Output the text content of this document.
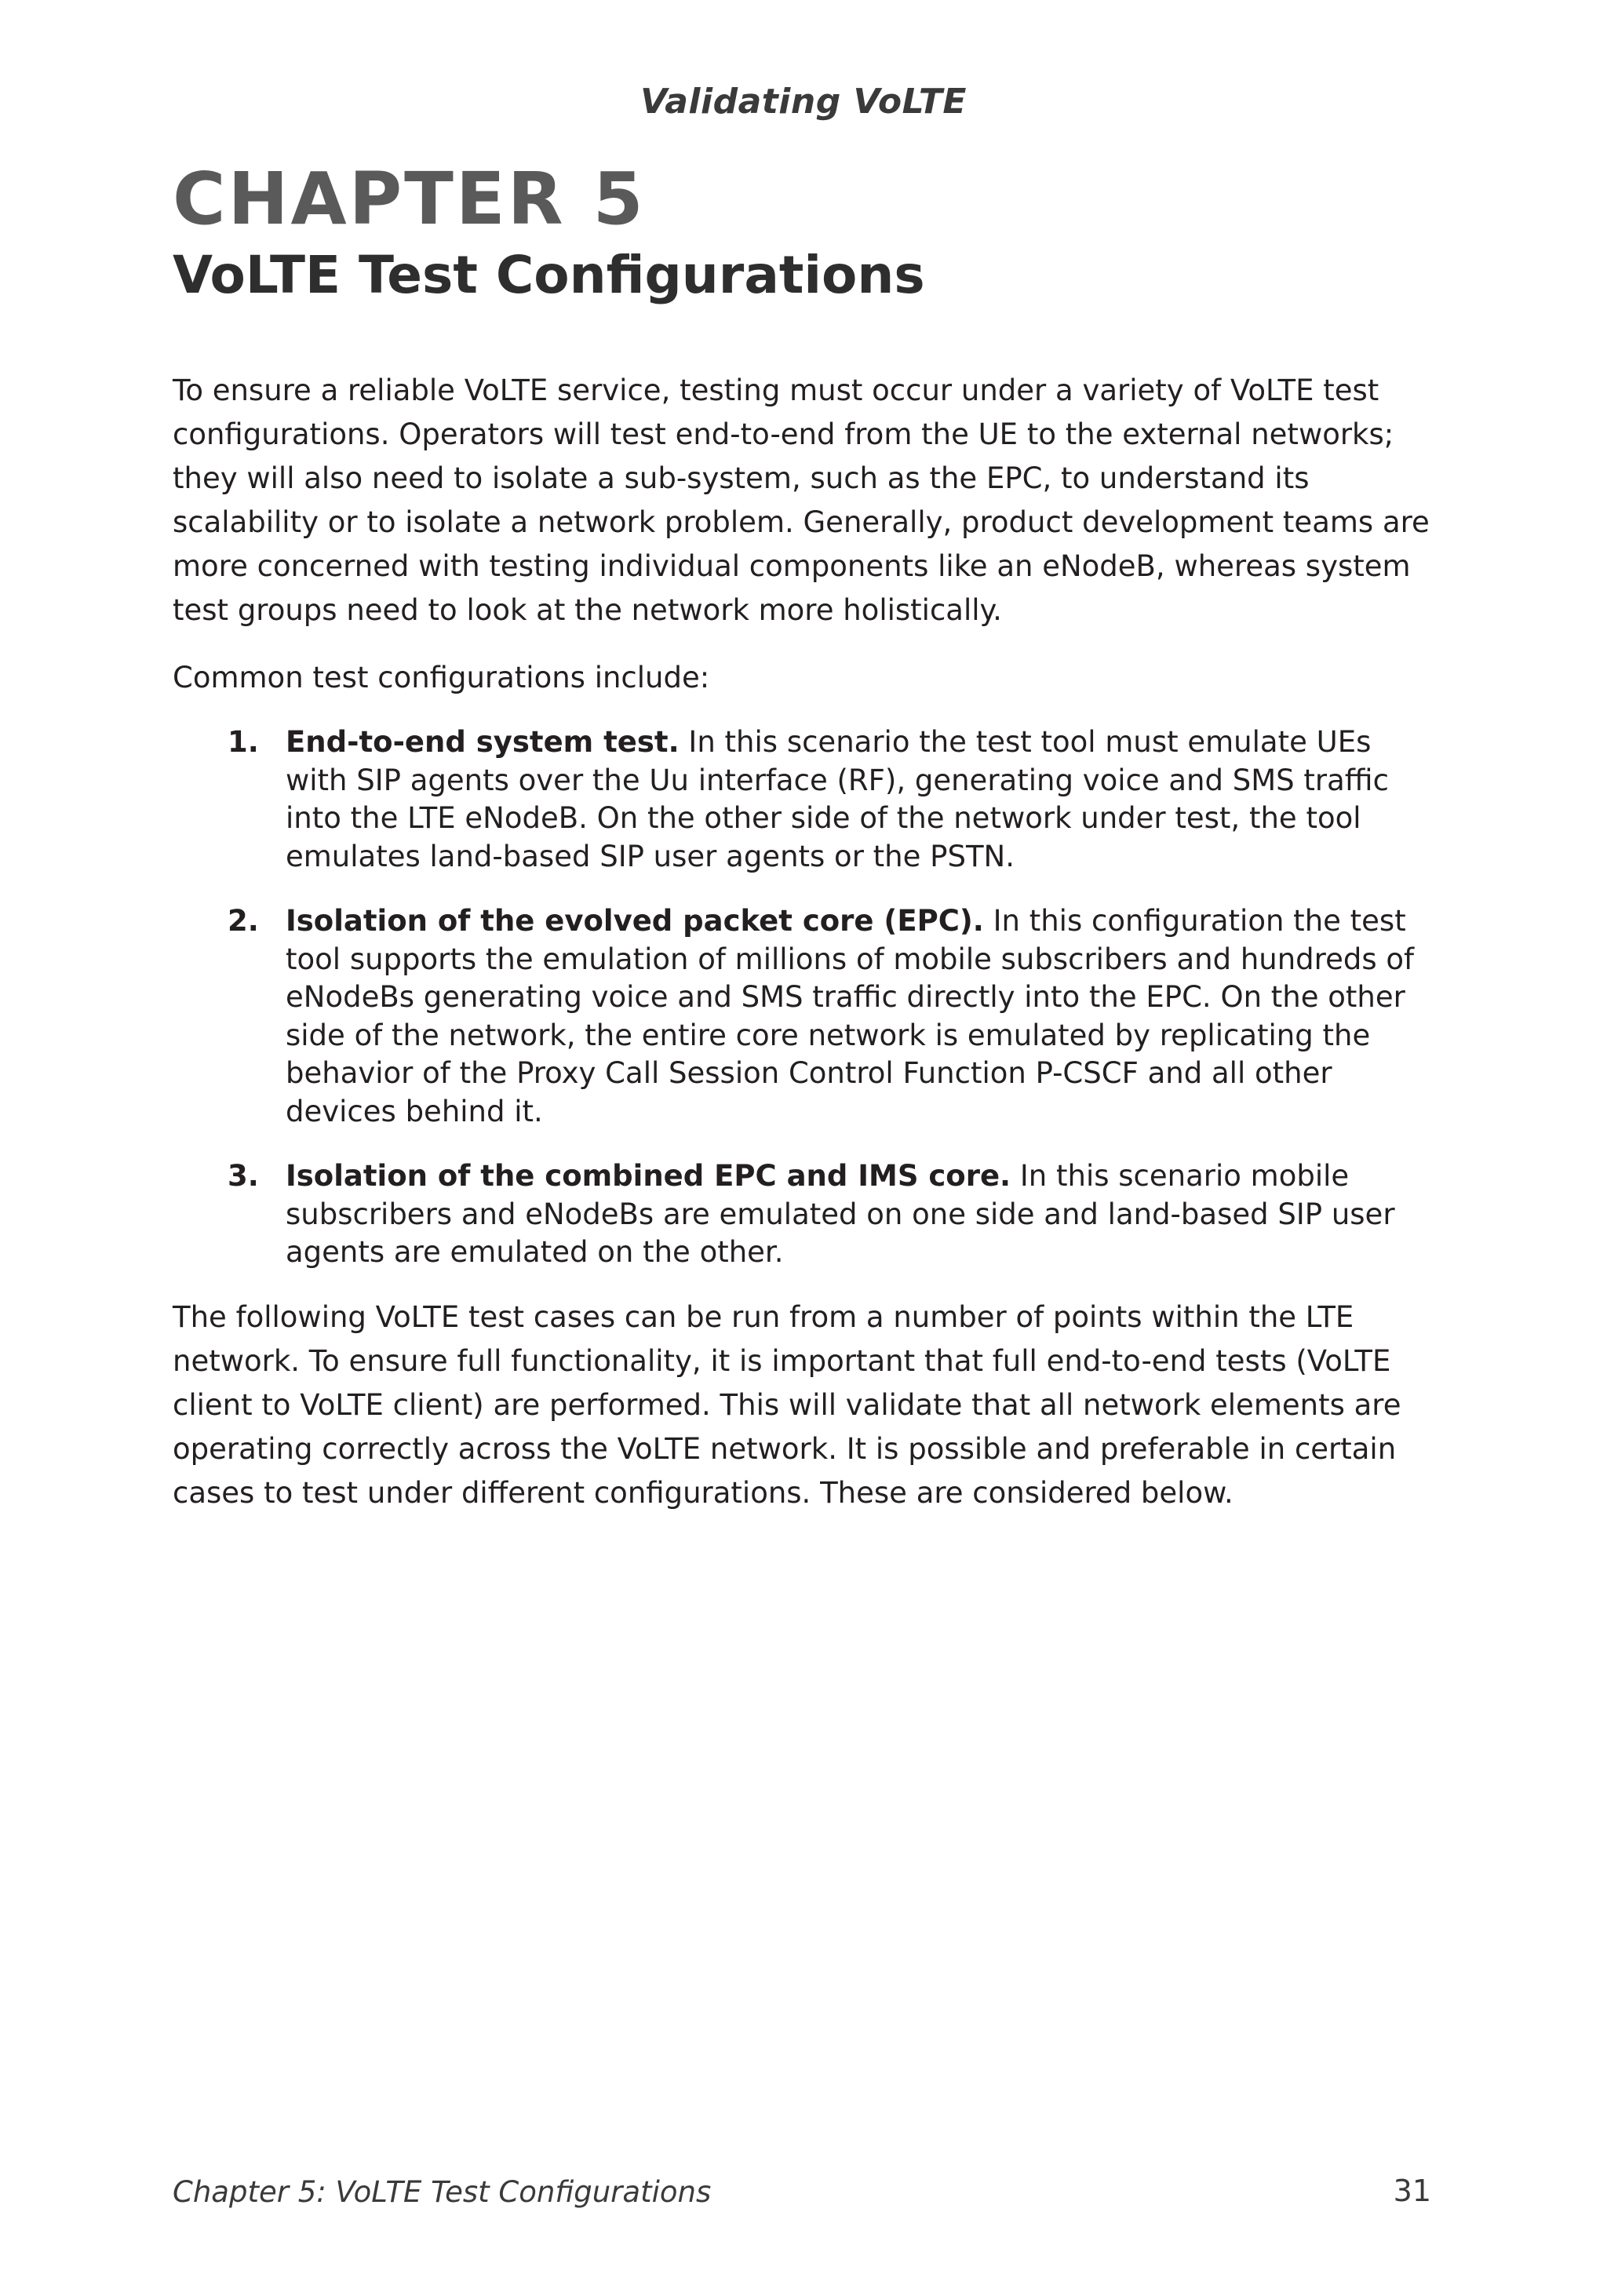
Validating VoLTE
CHAPTER 5
VoLTE Test Configurations

To ensure a reliable VoLTE service, testing must occur under a variety of VoLTE test configurations. Operators will test end-to-end from the UE to the external networks; they will also need to isolate a sub-system, such as the EPC, to understand its scalability or to isolate a network problem. Generally, product development teams are more concerned with testing individual components like an eNodeB, whereas system test groups need to look at the network more holistically.

Common test configurations include:

1. End-to-end system test. In this scenario the test tool must emulate UEs with SIP agents over the Uu interface (RF), generating voice and SMS traffic into the LTE eNodeB. On the other side of the network under test, the tool emulates land-based SIP user agents or the PSTN.
2. Isolation of the evolved packet core (EPC). In this configuration the test tool supports the emulation of millions of mobile subscribers and hundreds of eNodeBs generating voice and SMS traffic directly into the EPC. On the other side of the network, the entire core network is emulated by replicating the behavior of the Proxy Call Session Control Function P-CSCF and all other devices behind it.
3. Isolation of the combined EPC and IMS core. In this scenario mobile subscribers and eNodeBs are emulated on one side and land-based SIP user agents are emulated on the other.

The following VoLTE test cases can be run from a number of points within the LTE network. To ensure full functionality, it is important that full end-to-end tests (VoLTE client to VoLTE client) are performed. This will validate that all network elements are operating correctly across the VoLTE network. It is possible and preferable in certain cases to test under different configurations. These are considered below.

Chapter 5: VoLTE Test Configurations	31
